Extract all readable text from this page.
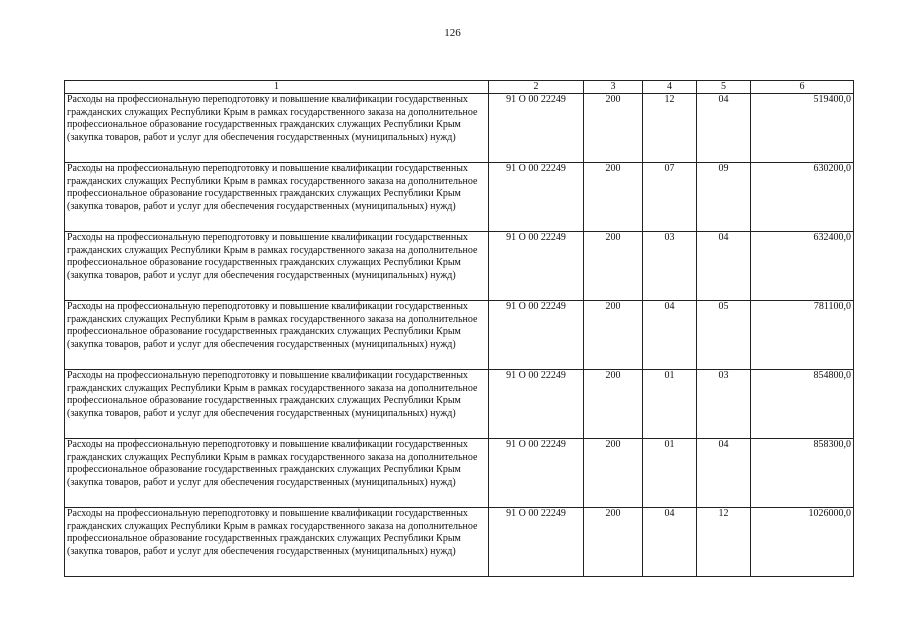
126
1	2	3	4	5	6
Расходы на профессиональную переподготовку и повышение квалификации государственных гражданских служащих Республики Крым в рамках государственного заказа на дополнительное профессиональное образование государственных гражданских служащих Республики Крым (закупка товаров, работ и услуг для обеспечения государственных (муниципальных) нужд)	91 О 00 22249	200	12	04	519400,0
Расходы на профессиональную переподготовку и повышение квалификации государственных гражданских служащих Республики Крым в рамках государственного заказа на дополнительное профессиональное образование государственных гражданских служащих Республики Крым (закупка товаров, работ и услуг для обеспечения государственных (муниципальных) нужд)	91 О 00 22249	200	07	09	630200,0
Расходы на профессиональную переподготовку и повышение квалификации государственных гражданских служащих Республики Крым в рамках государственного заказа на дополнительное профессиональное образование государственных гражданских служащих Республики Крым (закупка товаров, работ и услуг для обеспечения государственных (муниципальных) нужд)	91 О 00 22249	200	03	04	632400,0
Расходы на профессиональную переподготовку и повышение квалификации государственных гражданских служащих Республики Крым в рамках государственного заказа на дополнительное профессиональное образование государственных гражданских служащих Республики Крым (закупка товаров, работ и услуг для обеспечения государственных (муниципальных) нужд)	91 О 00 22249	200	04	05	781100,0
Расходы на профессиональную переподготовку и повышение квалификации государственных гражданских служащих Республики Крым в рамках государственного заказа на дополнительное профессиональное образование государственных гражданских служащих Республики Крым (закупка товаров, работ и услуг для обеспечения государственных (муниципальных) нужд)	91 О 00 22249	200	01	03	854800,0
Расходы на профессиональную переподготовку и повышение квалификации государственных гражданских служащих Республики Крым в рамках государственного заказа на дополнительное профессиональное образование государственных гражданских служащих Республики Крым (закупка товаров, работ и услуг для обеспечения государственных (муниципальных) нужд)	91 О 00 22249	200	01	04	858300,0
Расходы на профессиональную переподготовку и повышение квалификации государственных гражданских служащих Республики Крым в рамках государственного заказа на дополнительное профессиональное образование государственных гражданских служащих Республики Крым (закупка товаров, работ и услуг для обеспечения государственных (муниципальных) нужд)	91 О 00 22249	200	04	12	1026000,0
